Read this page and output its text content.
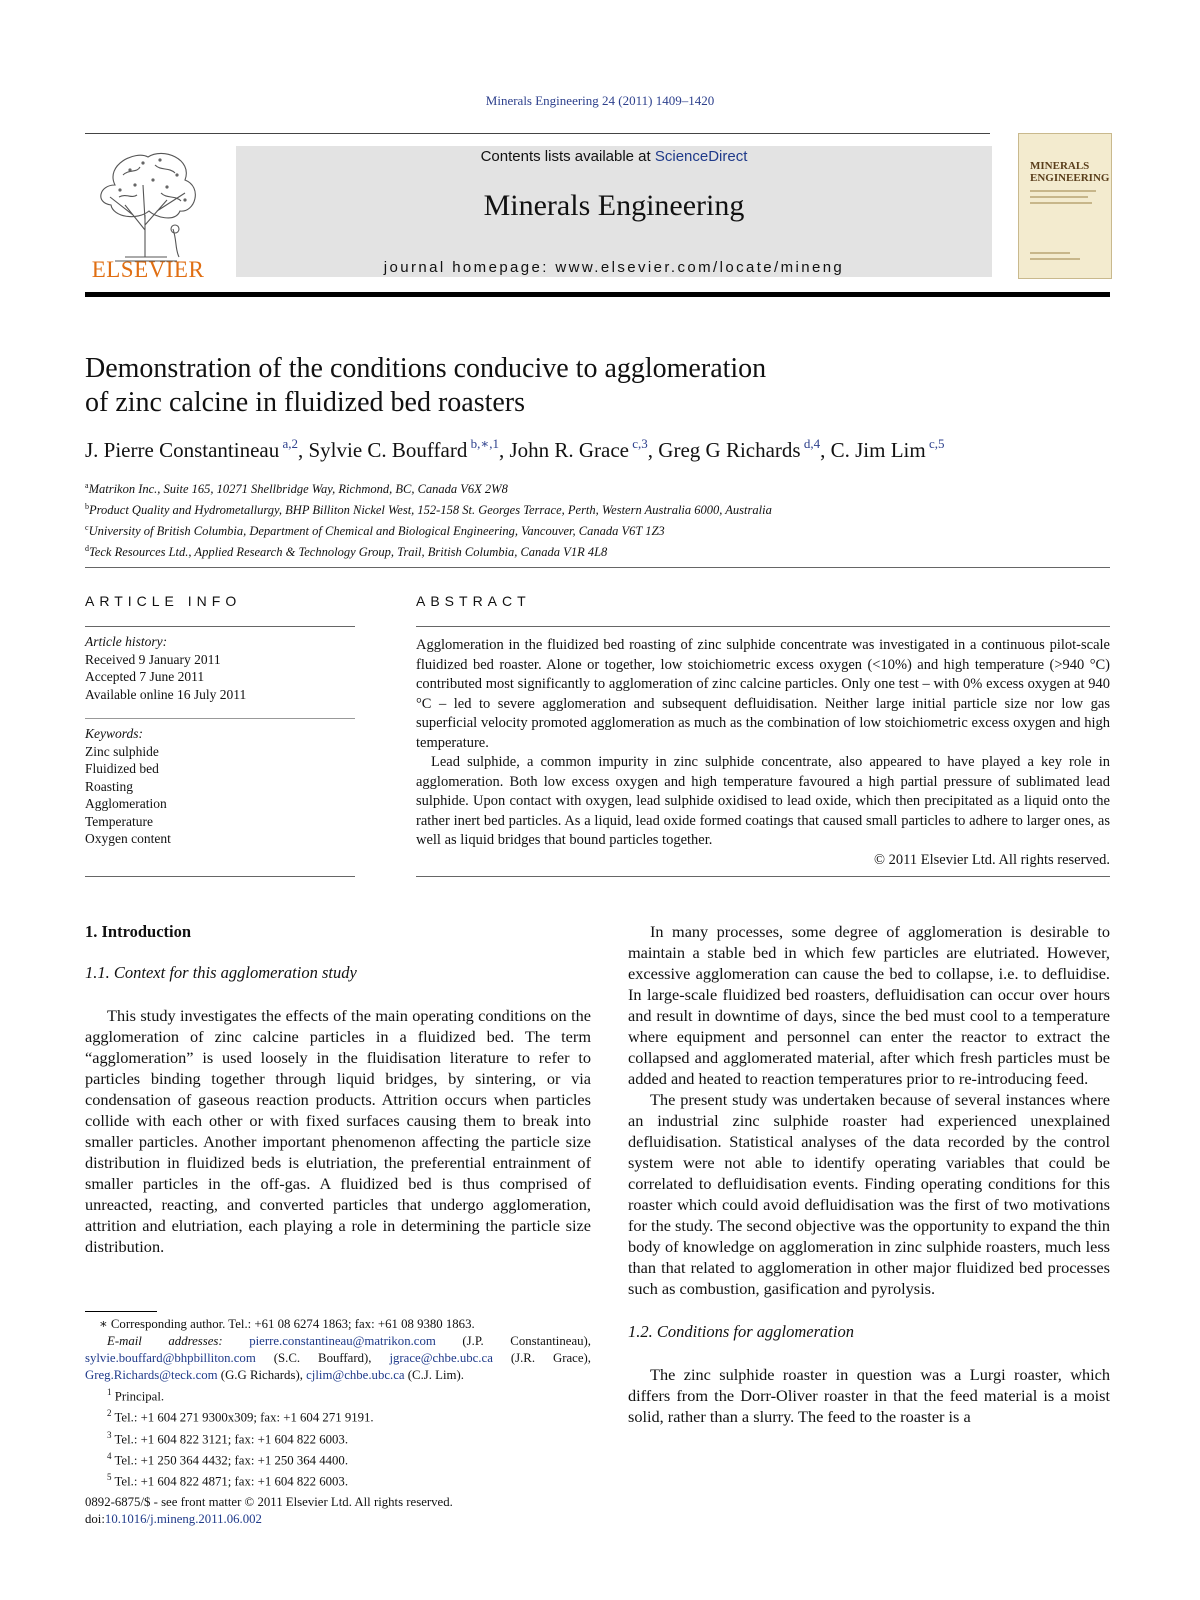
Minerals Engineering 24 (2011) 1409–1420
ELSEVIER
Contents lists available at ScienceDirect
Minerals Engineering
journal homepage: www.elsevier.com/locate/mineng
MINERALS ENGINEERING
Demonstration of the conditions conducive to agglomeration
of zinc calcine in fluidized bed roasters
J. Pierre Constantineau $^{a,2}$, Sylvie C. Bouffard $^{b,∗,1}$, John R. Grace $^{c,3}$, Greg G Richards $^{d,4}$, C. Jim Lim $^{c,5}$
$^a$Matrikon Inc., Suite 165, 10271 Shellbridge Way, Richmond, BC, Canada V6X 2W8
$^b$Product Quality and Hydrometallurgy, BHP Billiton Nickel West, 152-158 St. Georges Terrace, Perth, Western Australia 6000, Australia
$^c$University of British Columbia, Department of Chemical and Biological Engineering, Vancouver, Canada V6T 1Z3
$^d$Teck Resources Ltd., Applied Research & Technology Group, Trail, British Columbia, Canada V1R 4L8
ARTICLE INFO
Article history:
Received 9 January 2011
Accepted 7 June 2011
Available online 16 July 2011
Keywords:
Zinc sulphide
Fluidized bed
Roasting
Agglomeration
Temperature
Oxygen content
ABSTRACT

Agglomeration in the fluidized bed roasting of zinc sulphide concentrate was investigated in a continuous pilot-scale fluidized bed roaster. Alone or together, low stoichiometric excess oxygen (<10%) and high temperature (>940 °C) contributed most significantly to agglomeration of zinc calcine particles. Only one test – with 0% excess oxygen at 940 °C – led to severe agglomeration and subsequent defluidisation. Neither large initial particle size nor low gas superficial velocity promoted agglomeration as much as the combination of low stoichiometric excess oxygen and high temperature.

Lead sulphide, a common impurity in zinc sulphide concentrate, also appeared to have played a key role in agglomeration. Both low excess oxygen and high temperature favoured a high partial pressure of sublimated lead sulphide. Upon contact with oxygen, lead sulphide oxidised to lead oxide, which then precipitated as a liquid onto the rather inert bed particles. As a liquid, lead oxide formed coatings that caused small particles to adhere to larger ones, as well as liquid bridges that bound particles together.

© 2011 Elsevier Ltd. All rights reserved.
1. Introduction
1.1. Context for this agglomeration study

This study investigates the effects of the main operating conditions on the agglomeration of zinc calcine particles in a fluidized bed. The term “agglomeration” is used loosely in the fluidisation literature to refer to particles binding together through liquid bridges, by sintering, or via condensation of gaseous reaction products. Attrition occurs when particles collide with each other or with fixed surfaces causing them to break into smaller particles. Another important phenomenon affecting the particle size distribution in fluidized beds is elutriation, the preferential entrainment of smaller particles in the off-gas. A fluidized bed is thus comprised of unreacted, reacting, and converted particles that undergo agglomeration, attrition and elutriation, each playing a role in determining the particle size distribution.

In many processes, some degree of agglomeration is desirable to maintain a stable bed in which few particles are elutriated. However, excessive agglomeration can cause the bed to collapse, i.e. to defluidise. In large-scale fluidized bed roasters, defluidisation can occur over hours and result in downtime of days, since the bed must cool to a temperature where equipment and personnel can enter the reactor to extract the collapsed and agglomerated material, after which fresh particles must be added and heated to reaction temperatures prior to re-introducing feed.

The present study was undertaken because of several instances where an industrial zinc sulphide roaster had experienced unexplained defluidisation. Statistical analyses of the data recorded by the control system were not able to identify operating variables that could be correlated to defluidisation events. Finding operating conditions for this roaster which could avoid defluidisation was the first of two motivations for the study. The second objective was the opportunity to expand the thin body of knowledge on agglomeration in zinc sulphide roasters, much less than that related to agglomeration in other major fluidized bed processes such as combustion, gasification and pyrolysis.

1.2. Conditions for agglomeration

The zinc sulphide roaster in question was a Lurgi roaster, which differs from the Dorr-Oliver roaster in that the feed material is a moist solid, rather than a slurry. The feed to the roaster is a

∗ Corresponding author. Tel.: +61 08 6274 1863; fax: +61 08 9380 1863.

E-mail addresses: pierre.constantineau@matrikon.com (J.P. Constantineau), sylvie.bouffard@bhpbilliton.com (S.C. Bouffard), jgrace@chbe.ubc.ca (J.R. Grace), Greg.Richards@teck.com (G.G Richards), cjlim@chbe.ubc.ca (C.J. Lim).

$^1$ Principal.

$^2$ Tel.: +1 604 271 9300x309; fax: +1 604 271 9191.

$^3$ Tel.: +1 604 822 3121; fax: +1 604 822 6003.

$^4$ Tel.: +1 250 364 4432; fax: +1 250 364 4400.

$^5$ Tel.: +1 604 822 4871; fax: +1 604 822 6003.

0892-6875/$ - see front matter © 2011 Elsevier Ltd. All rights reserved.
doi:10.1016/j.mineng.2011.06.002
